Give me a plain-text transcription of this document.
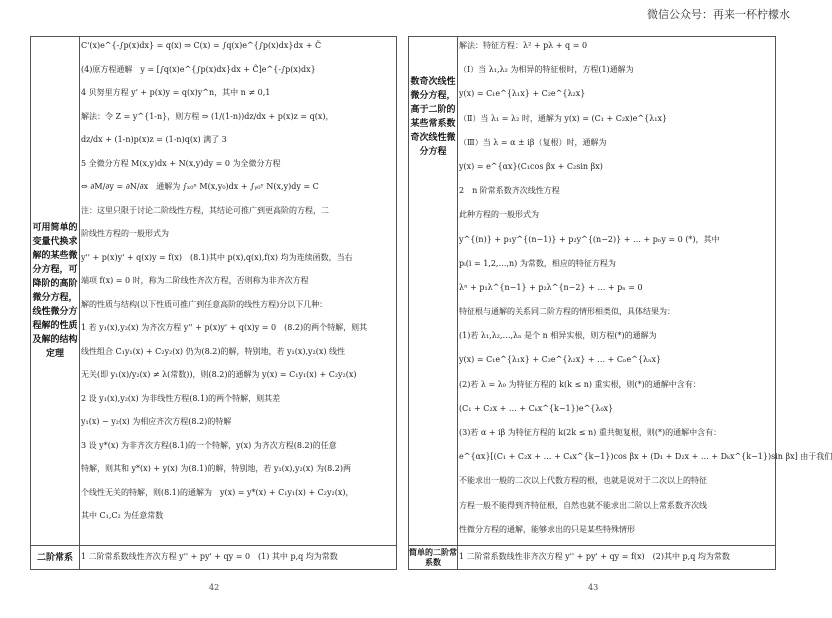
微信公众号：再来一杯柠檬水
可用简单的变量代换求解的某些微分方程，可降阶的高阶微分方程，线性微分方程解的性质及解的结构定理
C'(x)e^{-∫p(x)dx} = q(x) ⇒ C(x) = ∫q(x)e^{∫p(x)dx}dx + C̃
(4)原方程通解　y = [∫q(x)e^{∫p(x)dx}dx + C̃]e^{-∫p(x)dx}
4 贝努里方程 y' + p(x)y = q(x)y^n，其中 n ≠ 0,1
解法：令 Z = y^{1-n}，则方程 ⇒ (1/(1-n))dz/dx + p(x)z = q(x)，
dz/dx + (1-n)p(x)z = (1-n)q(x) 满了 3
5 全微分方程 M(x,y)dx + N(x,y)dy = 0 为全微分方程
⇔ ∂M/∂y = ∂N/∂x　通解为 ∫ₓ₀ˣ M(x,y₀)dx + ∫ᵧ₀ʸ N(x,y)dy = C
注：这里只限于讨论二阶线性方程，其结论可推广到更高阶的方程，二
阶线性方程的一般形式为
y'' + p(x)y' + q(x)y = f(x)　(8.1)其中 p(x),q(x),f(x) 均为连续函数，当右
端项 f(x) = 0 时，称为二阶线性齐次方程，否则称为非齐次方程
解的性质与结构(以下性质可推广到任意高阶的线性方程)分以下几种：
1 若 y₁(x),y₂(x) 为齐次方程 y'' + p(x)y' + q(x)y = 0　(8.2)的两个特解，则其
线性组合 C₁y₁(x) + C₂y₂(x) 仍为(8.2)的解，特别地，若 y₁(x),y₂(x) 线性
无关(即 y₁(x)/y₂(x) ≠ λ(常数))，则(8.2)的通解为 y(x) = C₁y₁(x) + C₂y₂(x)
2 设 y₁(x),y₂(x) 为非线性方程(8.1)的两个特解，则其差
y₁(x) − y₂(x) 为相应齐次方程(8.2)的特解
3 设 y*(x) 为非齐次方程(8.1)的一个特解，y(x) 为齐次方程(8.2)的任意
特解，则其和 y*(x) + y(x) 为(8.1)的解，特别地，若 y₁(x),y₂(x) 为(8.2)两
个线性无关的特解，则(8.1)的通解为　y(x) = y*(x) + C₁y₁(x) + C₂y₂(x)，
其中 C₁,C₂ 为任意常数
二阶常系	1 二阶常系数线性齐次方程 y'' + py' + qy = 0　(1) 其中 p,q 均为常数
42
数奇次线性微分方程，高于二阶的某些常系数奇次线性微分方程
解法：特征方程：λ² + pλ + q = 0
（Ⅰ）当 λ₁,λ₂ 为相异的特征根时，方程(1)通解为
y(x) = C₁e^{λ₁x} + C₂e^{λ₂x}
（Ⅱ）当 λ₁ = λ₂ 时，通解为 y(x) = (C₁ + C₂x)e^{λ₁x}
（Ⅲ）当 λ = α ± iβ（复根）时，通解为
y(x) = e^{αx}(C₁cos βx + C₂sin βx)
2　n 阶常系数齐次线性方程
此种方程的一般形式为
y^{(n)} + p₁y^{(n−1)} + p₂y^{(n−2)} + … + pₙy = 0 (*)，其中
pᵢ(i = 1,2,…,n) 为常数，相应的特征方程为
λⁿ + p₁λ^{n−1} + p₂λ^{n−2} + … + pₙ = 0
特征根与通解的关系同二阶方程的情形相类似，具体结果为：
(1)若 λ₁,λ₂,…,λₙ 是个 n 相异实根，则方程(*)的通解为
y(x) = C₁e^{λ₁x} + C₂e^{λ₂x} + … + Cₙe^{λₙx}
(2)若 λ = λ₀ 为特征方程的 k(k ≤ n) 重实根，则(*)的通解中含有：
(C₁ + C₂x + … + Cₖx^{k−1})e^{λ₀x}
(3)若 α + iβ 为特征方程的 k(2k ≤ n) 重共轭复根，则(*)的通解中含有：
e^{αx}[(C₁ + C₂x + … + Cₖx^{k−1})cos βx + (D₁ + D₂x + … + Dₖx^{k−1})sin βx] 由于我们
不能求出一般的二次以上代数方程的根，也就是说对于二次以上的特征
方程一般不能得到齐特征根，自然也就不能求出二阶以上常系数齐次线
性微分方程的通解，能够求出的只是某些特殊情形
简单的二阶常系数
1 二阶常系数线性非齐次方程 y'' + py' + qy = f(x)　(2)其中 p,q 均为常数
43
